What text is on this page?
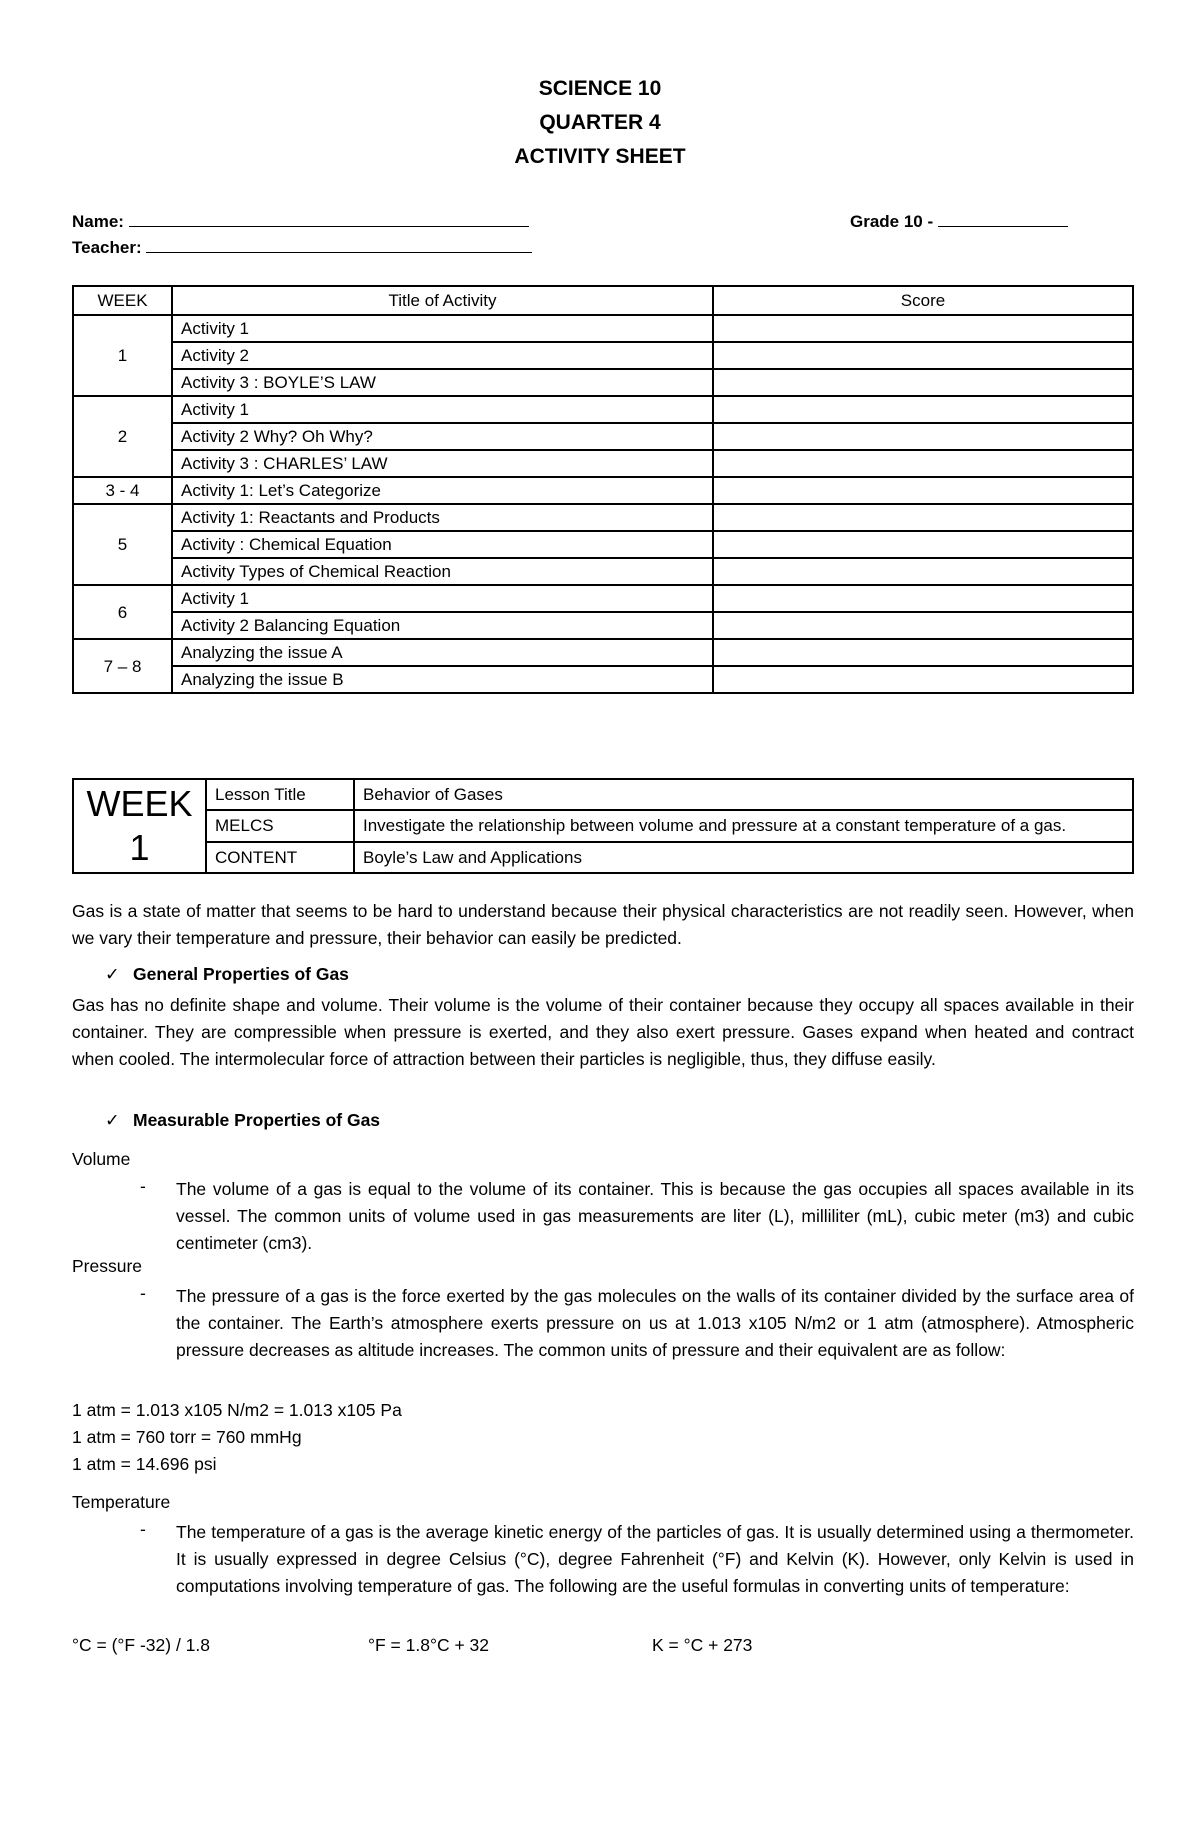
SCIENCE 10
QUARTER 4
ACTIVITY SHEET
Name:
Teacher:
Grade 10 -
WEEK	Title of Activity	Score
1	Activity 1	
	Activity 2	
	Activity 3 : BOYLE’S LAW	
2	Activity 1	
	Activity 2 Why? Oh Why?	
	Activity 3 : CHARLES’ LAW	
3 - 4	Activity 1: Let’s Categorize	
5	Activity 1: Reactants and Products	
	Activity : Chemical Equation	
	Activity Types of Chemical Reaction	
6	Activity 1	
	Activity 2 Balancing Equation	
7 – 8	Analyzing the issue A	
	Analyzing the issue B	
WEEK
1	Lesson Title	Behavior of Gases
	MELCS	Investigate the relationship between volume and pressure at a constant temperature of a gas.
	CONTENT	Boyle’s Law and Applications
Gas is a state of matter that seems to be hard to understand because their physical characteristics are not readily seen. However, when we vary their temperature and pressure, their behavior can easily be predicted.
✓ General Properties of Gas
Gas has no definite shape and volume. Their volume is the volume of their container because they occupy all spaces available in their container. They are compressible when pressure is exerted, and they also exert pressure. Gases expand when heated and contract when cooled. The intermolecular force of attraction between their particles is negligible, thus, they diffuse easily.
✓ Measurable Properties of Gas
Volume
- The volume of a gas is equal to the volume of its container. This is because the gas occupies all spaces available in its vessel. The common units of volume used in gas measurements are liter (L), milliliter (mL), cubic meter (m3) and cubic centimeter (cm3).
Pressure
- The pressure of a gas is the force exerted by the gas molecules on the walls of its container divided by the surface area of the container. The Earth’s atmosphere exerts pressure on us at 1.013 x105 N/m2 or 1 atm (atmosphere). Atmospheric pressure decreases as altitude increases. The common units of pressure and their equivalent are as follow:
1 atm = 1.013 x105 N/m2 = 1.013 x105 Pa
1 atm = 760 torr = 760 mmHg
1 atm = 14.696 psi
Temperature
- The temperature of a gas is the average kinetic energy of the particles of gas. It is usually determined using a thermometer. It is usually expressed in degree Celsius (°C), degree Fahrenheit (°F) and Kelvin (K). However, only Kelvin is used in computations involving temperature of gas. The following are the useful formulas in converting units of temperature:
°C = (°F -32) / 1.8	°F = 1.8°C + 32	K = °C + 273
